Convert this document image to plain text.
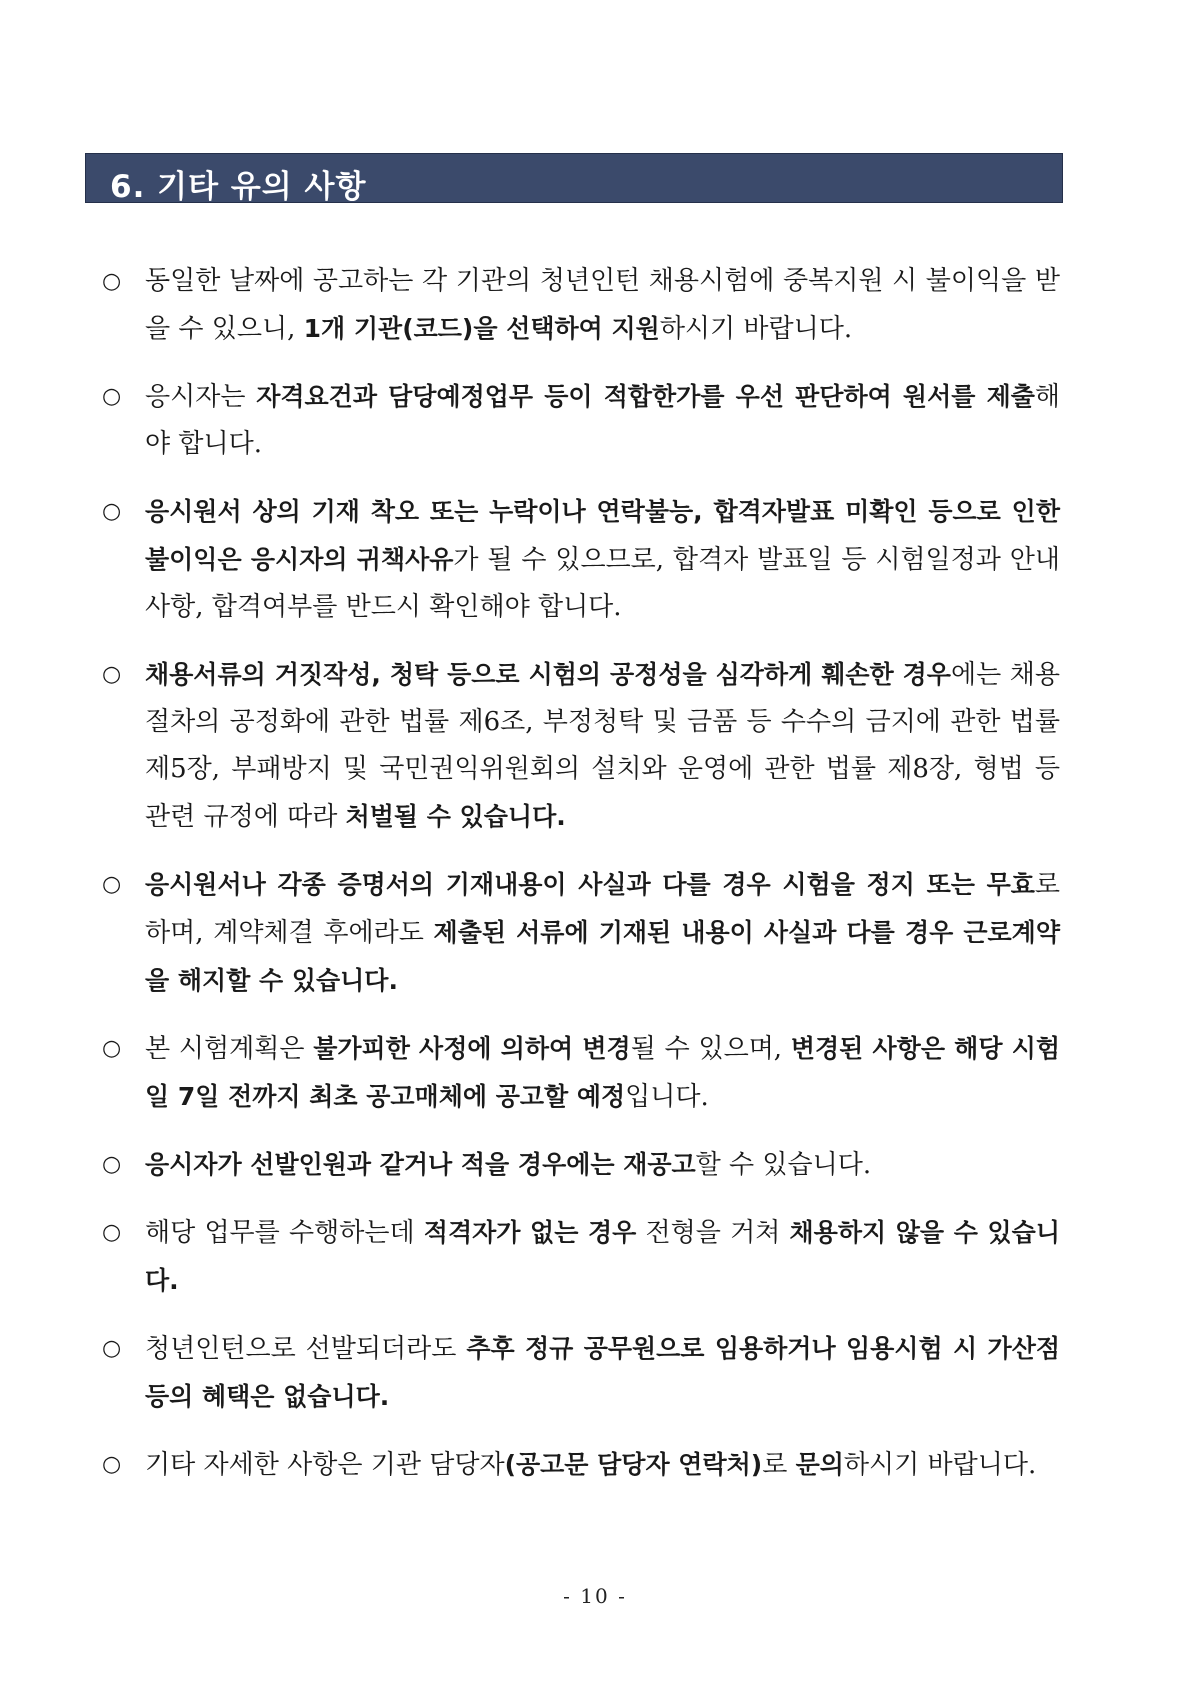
6. 기타 유의 사항
○ 동일한 날짜에 공고하는 각 기관의 청년인턴 채용시험에 중복지원 시 불이익을 받을 수 있으니, 1개 기관(코드)을 선택하여 지원하시기 바랍니다.
○ 응시자는 자격요건과 담당예정업무 등이 적합한가를 우선 판단하여 원서를 제출해야 합니다.
○ 응시원서 상의 기재 착오 또는 누락이나 연락불능, 합격자발표 미확인 등으로 인한 불이익은 응시자의 귀책사유가 될 수 있으므로, 합격자 발표일 등 시험일정과 안내사항, 합격여부를 반드시 확인해야 합니다.
○ 채용서류의 거짓작성, 청탁 등으로 시험의 공정성을 심각하게 훼손한 경우에는 채용절차의 공정화에 관한 법률 제6조, 부정청탁 및 금품 등 수수의 금지에 관한 법률 제5장, 부패방지 및 국민권익위원회의 설치와 운영에 관한 법률 제8장, 형법 등 관련 규정에 따라 처벌될 수 있습니다.
○ 응시원서나 각종 증명서의 기재내용이 사실과 다를 경우 시험을 정지 또는 무효로 하며, 계약체결 후에라도 제출된 서류에 기재된 내용이 사실과 다를 경우 근로계약을 해지할 수 있습니다.
○ 본 시험계획은 불가피한 사정에 의하여 변경될 수 있으며, 변경된 사항은 해당 시험일 7일 전까지 최초 공고매체에 공고할 예정입니다.
○ 응시자가 선발인원과 같거나 적을 경우에는 재공고할 수 있습니다.
○ 해당 업무를 수행하는데 적격자가 없는 경우 전형을 거쳐 채용하지 않을 수 있습니다.
○ 청년인턴으로 선발되더라도 추후 정규 공무원으로 임용하거나 임용시험 시 가산점 등의 혜택은 없습니다.
○ 기타 자세한 사항은 기관 담당자(공고문 담당자 연락처)로 문의하시기 바랍니다.
- 10 -
